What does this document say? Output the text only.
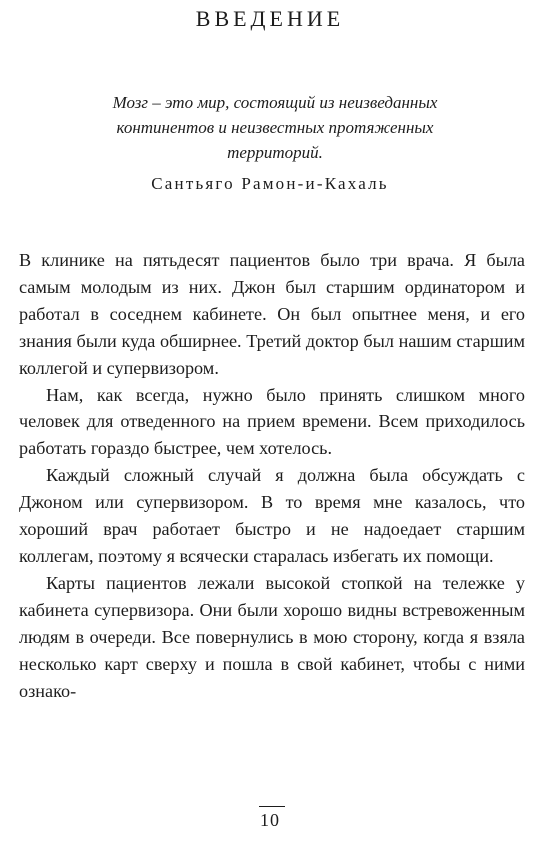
ВВЕДЕНИЕ
Мозг – это мир, состоящий из неизведанных континентов и неизвестных протяженных территорий.
Сантьяго Рамон-и-Кахаль

В клинике на пятьдесят пациентов было три врача. Я была самым молодым из них. Джон был старшим ординатором и работал в соседнем кабинете. Он был опытнее меня, и его знания были куда обширнее. Третий доктор был нашим старшим коллегой и супервизором.

Нам, как всегда, нужно было принять слишком много человек для отведенного на прием времени. Всем приходилось работать гораздо быстрее, чем хотелось.

Каждый сложный случай я должна была обсуждать с Джоном или супервизором. В то время мне казалось, что хороший врач работает быстро и не надоедает старшим коллегам, поэтому я всячески старалась избегать их помощи.

Карты пациентов лежали высокой стопкой на тележке у кабинета супервизора. Они были хорошо видны встревоженным людям в очереди. Все повернулись в мою сторону, когда я взяла несколько карт сверху и пошла в свой кабинет, чтобы с ними ознако-

10
